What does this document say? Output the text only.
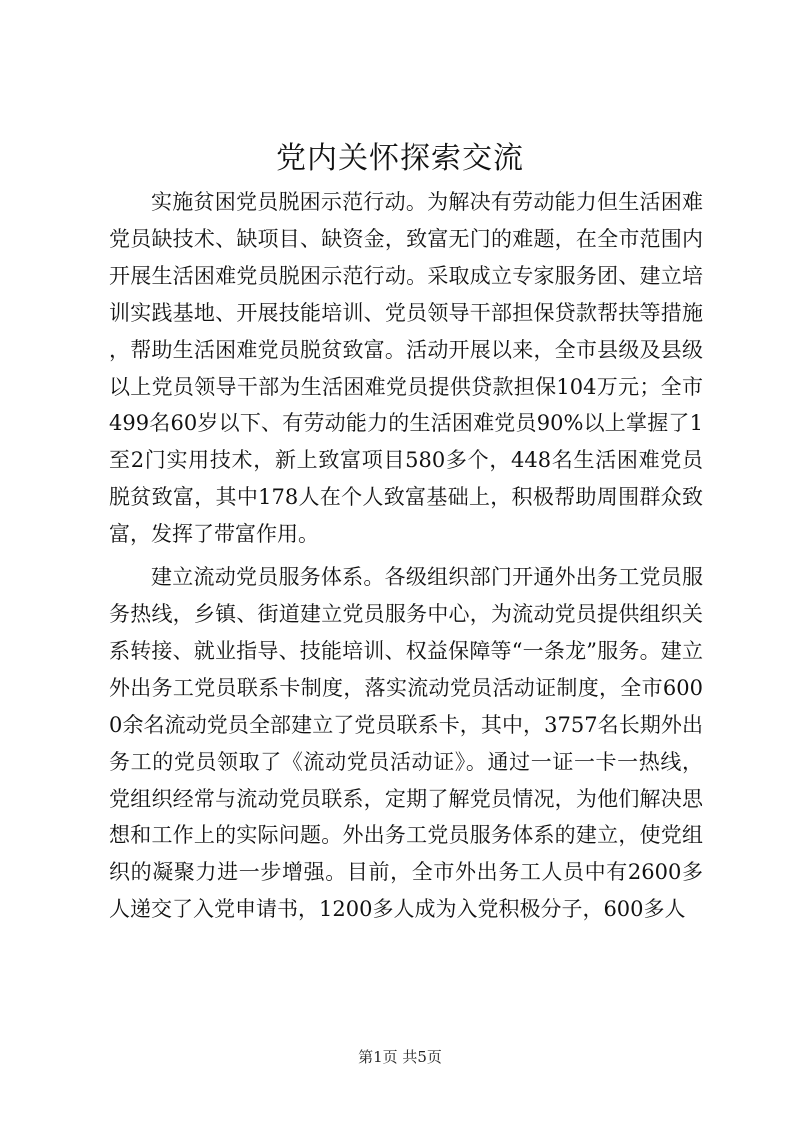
党内关怀探索交流

实施贫困党员脱困示范行动。为解决有劳动能力但生活困难党员缺技术、缺项目、缺资金，致富无门的难题，在全市范围内开展生活困难党员脱困示范行动。采取成立专家服务团、建立培训实践基地、开展技能培训、党员领导干部担保贷款帮扶等措施，帮助生活困难党员脱贫致富。活动开展以来，全市县级及县级以上党员领导干部为生活困难党员提供贷款担保104万元；全市499名60岁以下、有劳动能力的生活困难党员90%以上掌握了1至2门实用技术，新上致富项目580多个，448名生活困难党员脱贫致富，其中178人在个人致富基础上，积极帮助周围群众致富，发挥了带富作用。

建立流动党员服务体系。各级组织部门开通外出务工党员服务热线，乡镇、街道建立党员服务中心，为流动党员提供组织关系转接、就业指导、技能培训、权益保障等“一条龙”服务。建立外出务工党员联系卡制度，落实流动党员活动证制度，全市6000余名流动党员全部建立了党员联系卡，其中，3757名长期外出务工的党员领取了《流动党员活动证》。通过一证一卡一热线，党组织经常与流动党员联系，定期了解党员情况，为他们解决思想和工作上的实际问题。外出务工党员服务体系的建立，使党组织的凝聚力进一步增强。目前，全市外出务工人员中有2600多人递交了入党申请书，1200多人成为入党积极分子，600多人

第1页 共5页
